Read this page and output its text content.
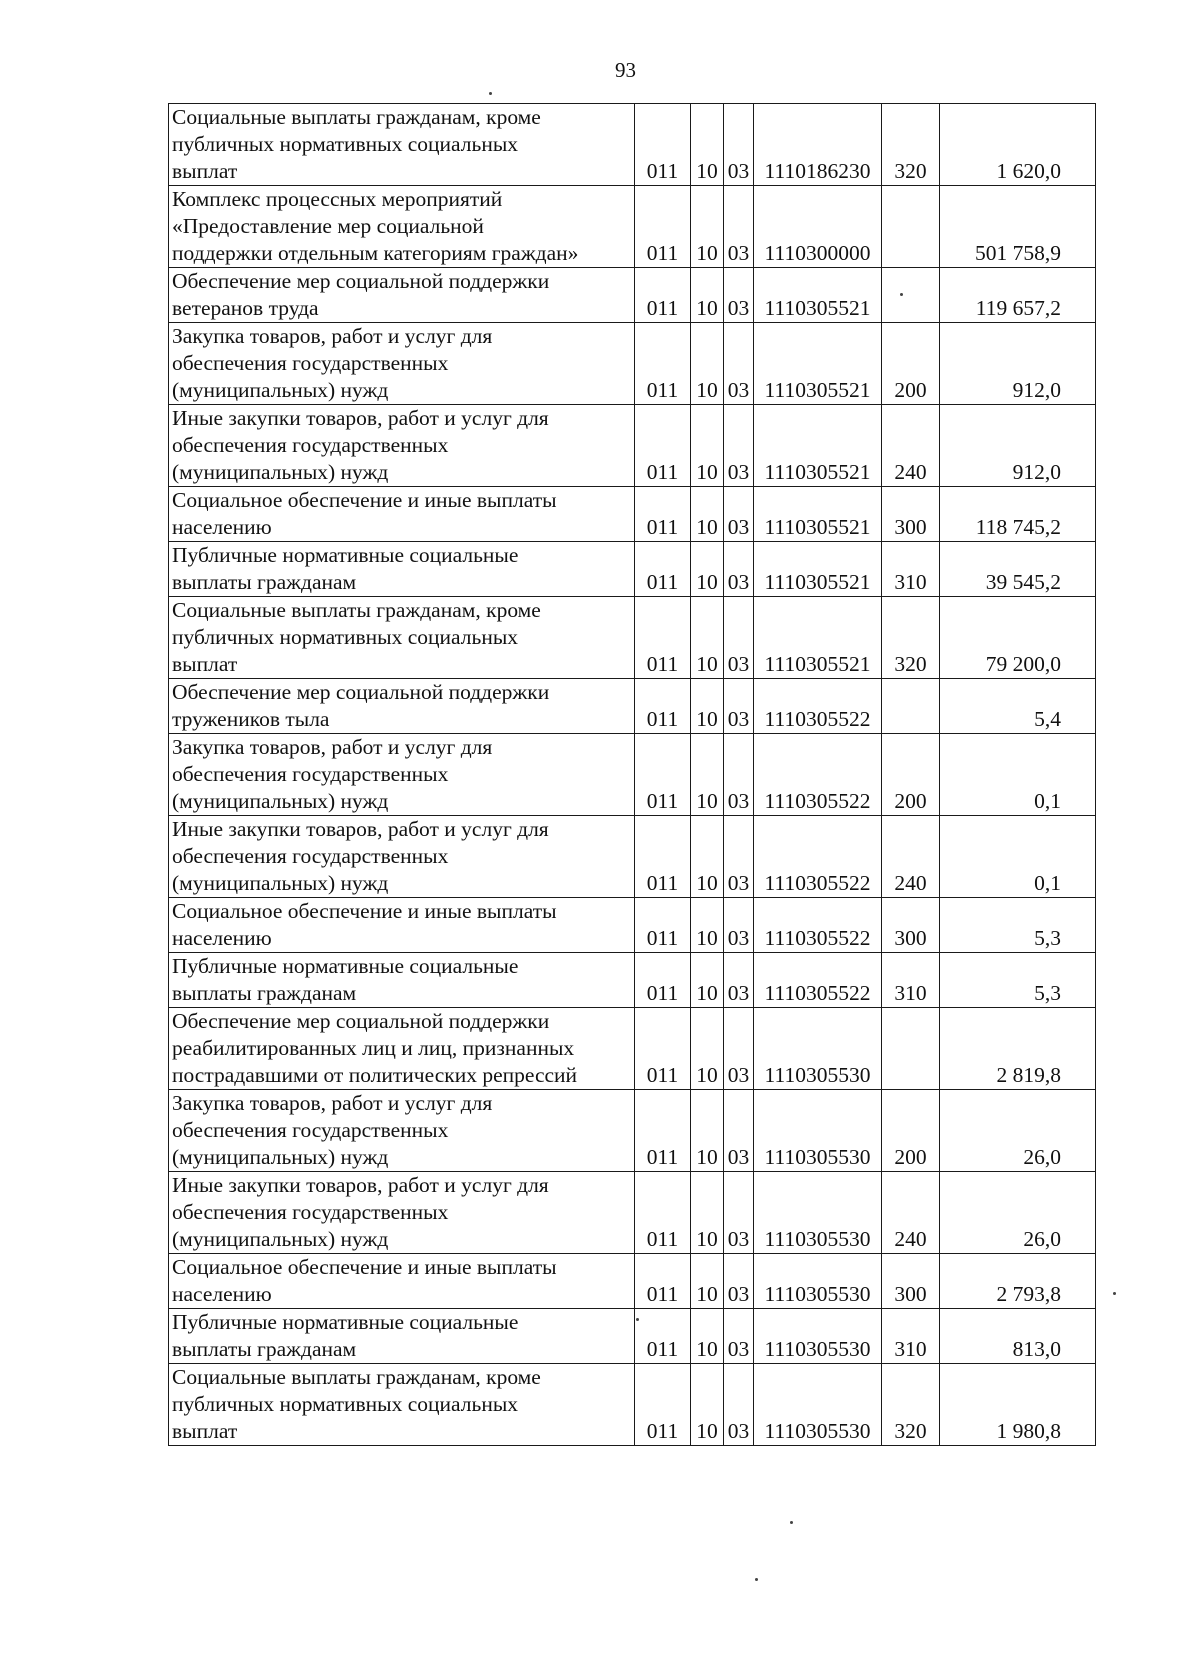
93
Социальные выплаты гражданам, кроме
публичных нормативных социальных
выплат	011	10	03	1110186230	320	1 620,0

Комплекс процессных мероприятий
«Предоставление мер социальной
поддержки отдельным категориям граждан»	011	10	03	1110300000		501 758,9

Обеспечение мер социальной поддержки
ветеранов труда	011	10	03	1110305521		119 657,2

Закупка товаров, работ и услуг для
обеспечения государственных
(муниципальных) нужд	011	10	03	1110305521	200	912,0

Иные закупки товаров, работ и услуг для
обеспечения государственных
(муниципальных) нужд	011	10	03	1110305521	240	912,0

Социальное обеспечение и иные выплаты
населению	011	10	03	1110305521	300	118 745,2

Публичные нормативные социальные
выплаты гражданам	011	10	03	1110305521	310	39 545,2

Социальные выплаты гражданам, кроме
публичных нормативных социальных
выплат	011	10	03	1110305521	320	79 200,0

Обеспечение мер социальной поддержки
тружеников тыла	011	10	03	1110305522		5,4

Закупка товаров, работ и услуг для
обеспечения государственных
(муниципальных) нужд	011	10	03	1110305522	200	0,1

Иные закупки товаров, работ и услуг для
обеспечения государственных
(муниципальных) нужд	011	10	03	1110305522	240	0,1

Социальное обеспечение и иные выплаты
населению	011	10	03	1110305522	300	5,3

Публичные нормативные социальные
выплаты гражданам	011	10	03	1110305522	310	5,3

Обеспечение мер социальной поддержки
реабилитированных лиц и лиц, признанных
пострадавшими от политических репрессий	011	10	03	1110305530		2 819,8

Закупка товаров, работ и услуг для
обеспечения государственных
(муниципальных) нужд	011	10	03	1110305530	200	26,0

Иные закупки товаров, работ и услуг для
обеспечения государственных
(муниципальных) нужд	011	10	03	1110305530	240	26,0

Социальное обеспечение и иные выплаты
населению	011	10	03	1110305530	300	2 793,8

Публичные нормативные социальные
выплаты гражданам	011	10	03	1110305530	310	813,0

Социальные выплаты гражданам, кроме
публичных нормативных социальных
выплат	011	10	03	1110305530	320	1 980,8
